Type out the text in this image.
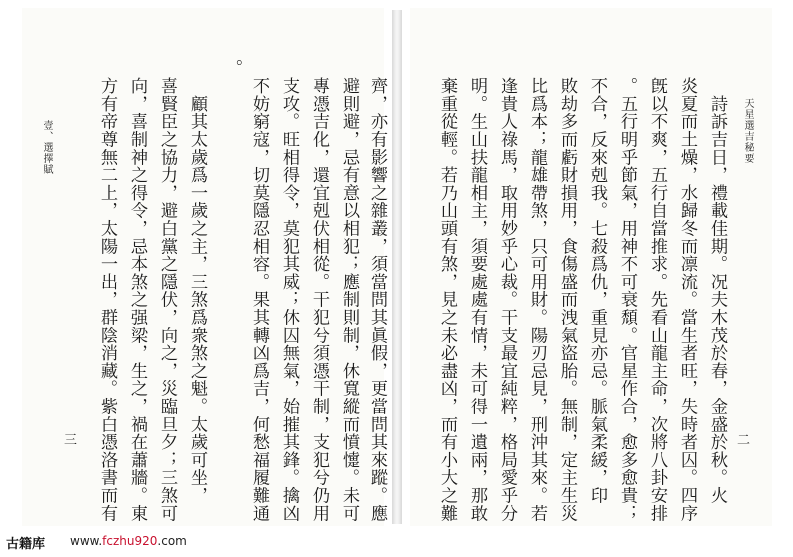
壹、選擇賦
三 方有帝尊無二上，太陽一出，群陰消藏。紫白憑洛書而有 向，喜制神之得令，忌本煞之强梁，生之，禍在蕭牆。東 喜賢臣之協力，避白黨之隱伏，向之，災臨旦夕；三煞可 　顧其太歲爲一歲之主，三煞爲衆煞之魁。太歲可坐，
。
不妨窮寇，切莫隱忍相容。果其轉凶爲吉，何愁福履難通 支攻。旺相得令，莫犯其威；休囚無氣，始摧其鋒。擒凶 專憑吉化，還宜剋伏相從。干犯兮須憑干制，支犯兮仍用 避則避，忌有意以相犯；應制則制，休寬縱而憤懥。未可 齊，亦有影響之雜叢，須當問其眞假，更當問其來蹤。應	天星選吉秘要
二
棄重從輕。若乃山頭有煞，見之未必盡凶，而有小大之難 明。生山扶龍相主，須要處處有情，未可得一遺兩，那敢 逢貴人祿馬，取用妙乎心裁。干支最宜純粹，格局愛乎分 比爲本；龍雄帶煞，只可用財。陽刃忌見，刑沖其來。若 敗劫多而虧財損用，食傷盛而洩氣盜胎。無制，定主生災 不合，反來剋我。七殺爲仇，重見亦忌。脈氣柔緩，印 。五行明乎節氣，用神不可衰頹。官星作合，愈多愈貴； 旣以不爽，五行自當推求。先看山龍主命，次將八卦安排 炎夏而土燥，水歸冬而凛流。當生者旺，失時者囚。四序 　詩訴吉日，禮載佳期。况夫木茂於春，金盛於秋。火
古籍库 www.fczhu920.com
